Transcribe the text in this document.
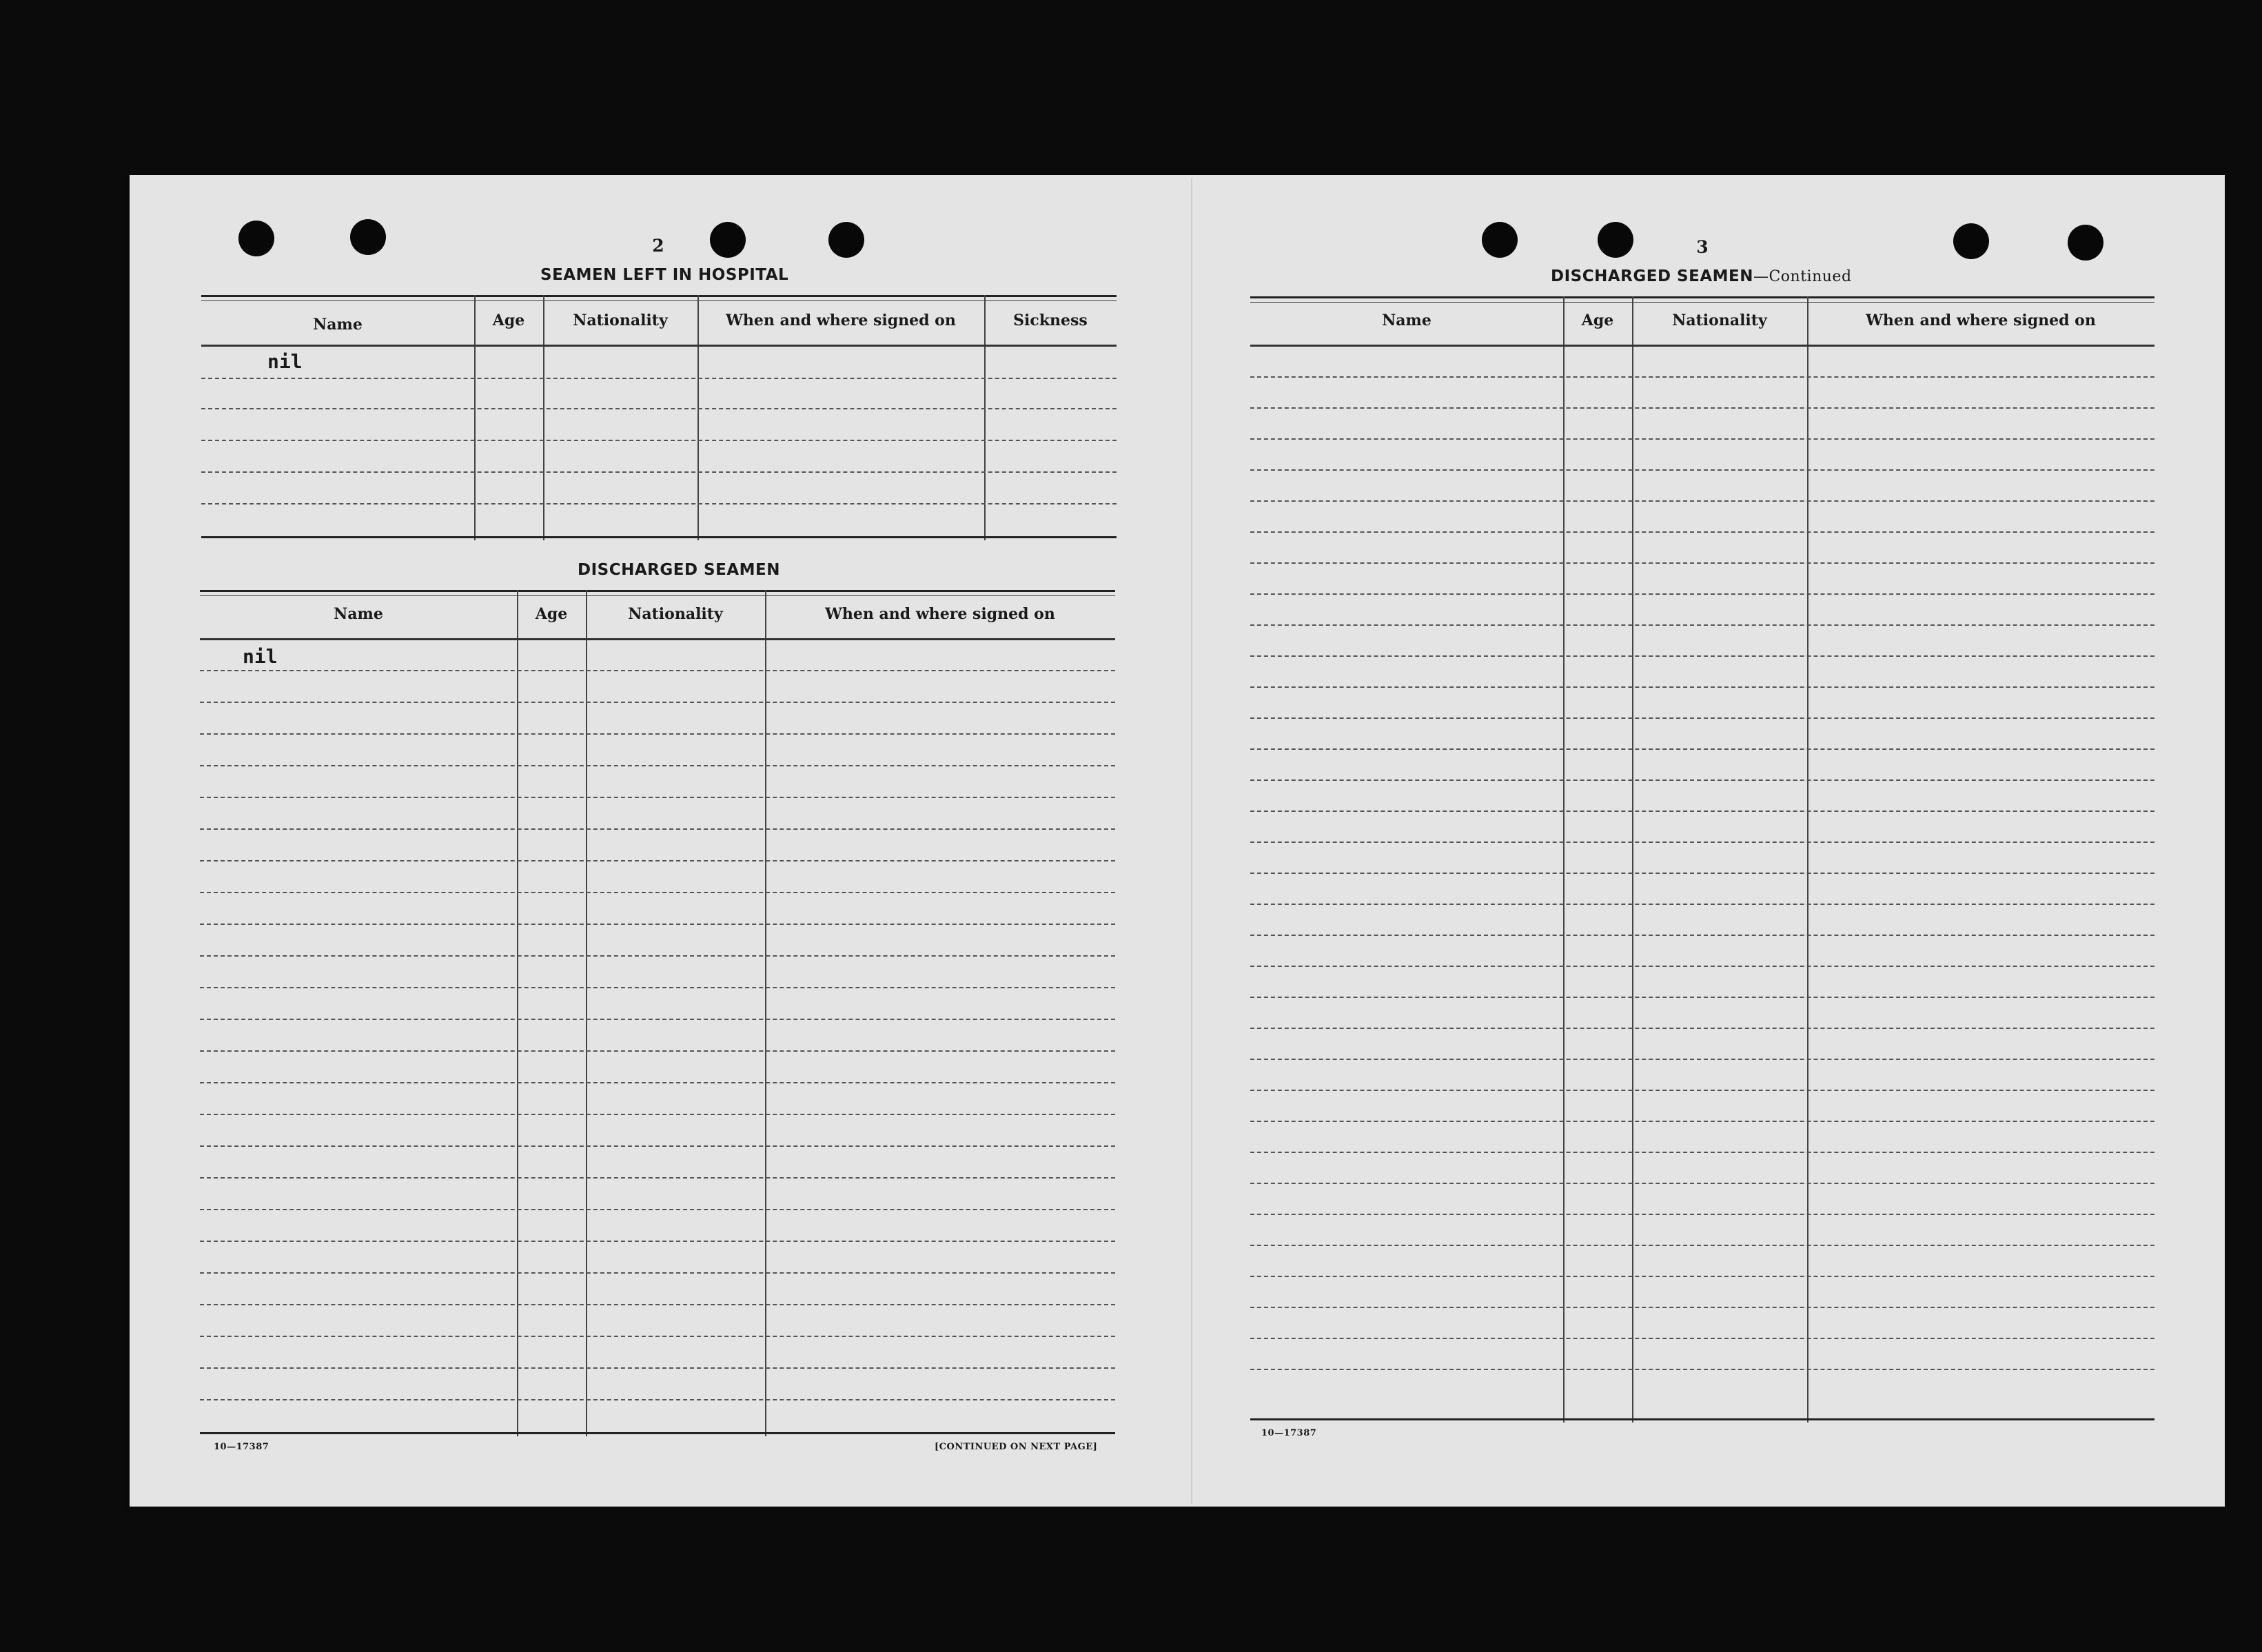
2
SEAMEN LEFT IN HOSPITAL
Name	Age	Nationality	When and where signed on	Sickness
nil
DISCHARGED SEAMEN
Name	Age	Nationality	When and where signed on
nil
10—17387	[CONTINUED ON NEXT PAGE]
3
DISCHARGED SEAMEN—Continued
Name	Age	Nationality	When and where signed on
10—17387
